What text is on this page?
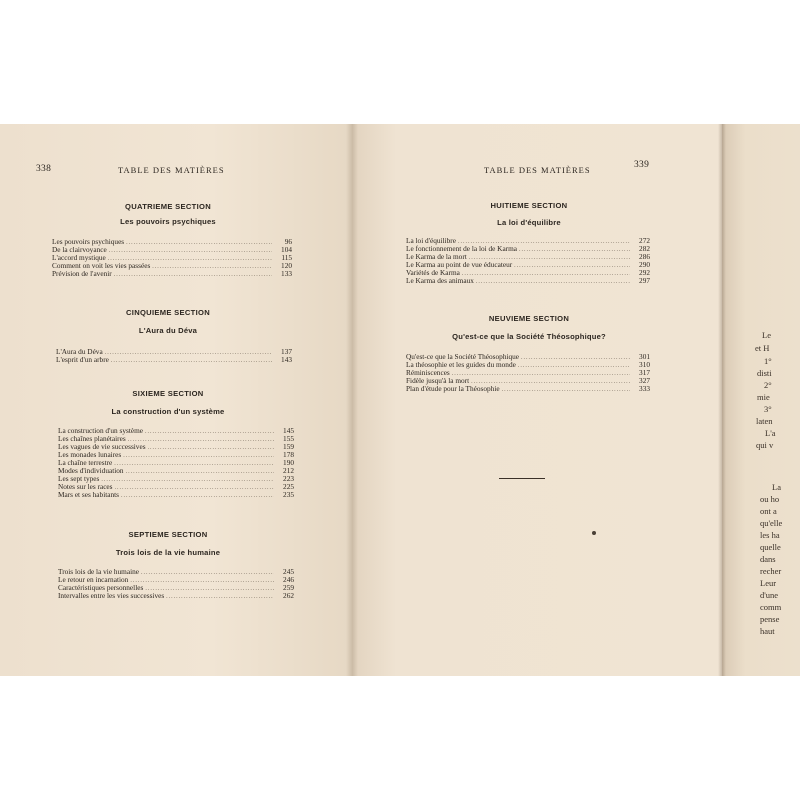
338	TABLE DES MATIÈRES
QUATRIEME SECTION
Les pouvoirs psychiques
Les pouvoirs psychiques .....	96
De la clairvoyance .....	104
L'accord mystique .....	115
Comment on voit les vies passées .....	120
Prévision de l'avenir .....	133
CINQUIEME SECTION
L'Aura du Déva
L'Aura du Déva .....	137
L'esprit d'un arbre .....	143
SIXIEME SECTION
La construction d'un système
La construction d'un système .....	145
Les chaînes planétaires .....	155
Les vagues de vie successives .....	159
Les monades lunaires .....	178
La chaîne terrestre .....	190
Modes d'individuation .....	212
Les sept types .....	223
Notes sur les races .....	225
Mars et ses habitants .....	235
SEPTIEME SECTION
Trois lois de la vie humaine
Trois lois de la vie humaine .....	245
Le retour en incarnation .....	246
Caractéristiques personnelles .....	259
Intervalles entre les vies successives .....	262
TABLE DES MATIÈRES	339
HUITIEME SECTION
La loi d'équilibre
La loi d'équilibre .....	272
Le fonctionnement de la loi de Karma .....	282
Le Karma de la mort .....	286
Le Karma au point de vue éducateur .....	290
Variétés de Karma .....	292
Le Karma des animaux .....	297
NEUVIEME SECTION
Qu'est-ce que la Société Théosophique?
Qu'est-ce que la Société Théosophique .....	301
La théosophie et les guides du monde .....	310
Réminiscences .....	317
Fidèle jusqu'à la mort .....	327
Plan d'étude pour la Théosophie .....	333
Le
et H
1°
disti
2°
mie
3°
laten
L'a
qui v
La
ou ho
ont a
qu'elle
les ha
quelle
dans
recher
Leur
d'une
comm
pense
haut
